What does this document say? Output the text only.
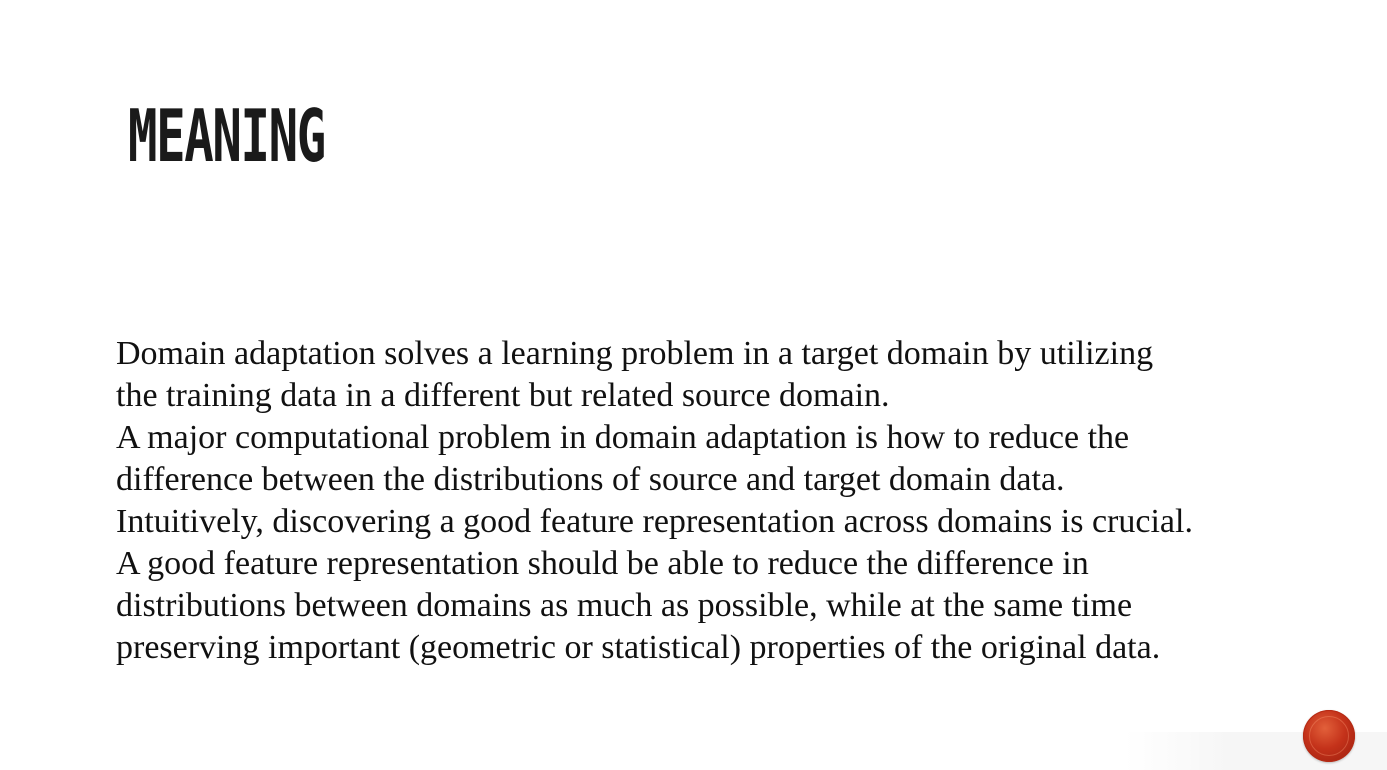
MEANING

Domain adaptation solves a learning problem in a target domain by utilizing
the training data in a different but related source domain.
A major computational problem in domain adaptation is how to reduce the
difference between the distributions of source and target domain data.
Intuitively, discovering a good feature representation across domains is crucial.
A good feature representation should be able to reduce the difference in
distributions between domains as much as possible, while at the same time
preserving important (geometric or statistical) properties of the original data.
